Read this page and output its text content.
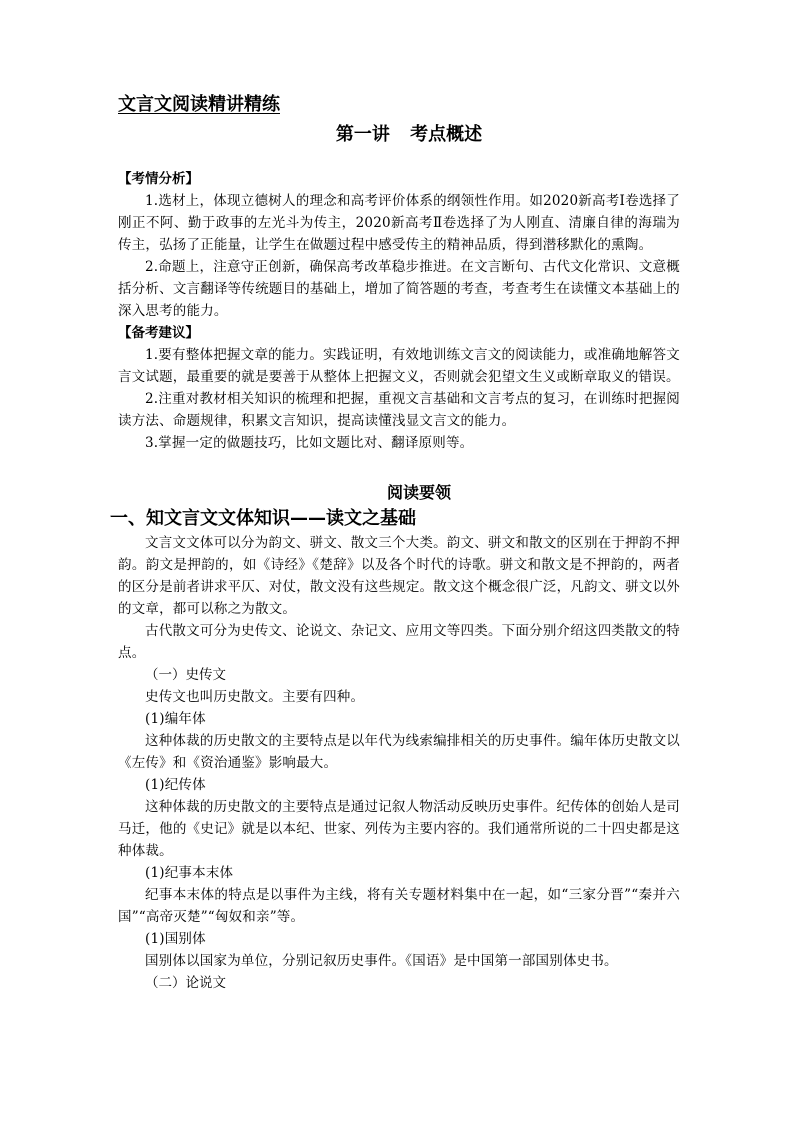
文言文阅读精讲精练
第一讲 考点概述

【考情分析】

1.选材上，体现立德树人的理念和高考评价体系的纲领性作用。如2020新高考Ⅰ卷选择了刚正不阿、勤于政事的左光斗为传主，2020新高考Ⅱ卷选择了为人刚直、清廉自律的海瑞为传主，弘扬了正能量，让学生在做题过程中感受传主的精神品质，得到潜移默化的熏陶。

2.命题上，注意守正创新，确保高考改革稳步推进。在文言断句、古代文化常识、文意概括分析、文言翻译等传统题目的基础上，增加了简答题的考查，考查考生在读懂文本基础上的深入思考的能力。

【备考建议】

1.要有整体把握文章的能力。实践证明，有效地训练文言文的阅读能力，或准确地解答文言文试题，最重要的就是要善于从整体上把握文义，否则就会犯望文生义或断章取义的错误。

2.注重对教材相关知识的梳理和把握，重视文言基础和文言考点的复习，在训练时把握阅读方法、命题规律，积累文言知识，提高读懂浅显文言文的能力。

3.掌握一定的做题技巧，比如文题比对、翻译原则等。

阅读要领
一、知文言文文体知识——读文之基础

文言文文体可以分为韵文、骈文、散文三个大类。韵文、骈文和散文的区别在于押韵不押韵。韵文是押韵的，如《诗经》《楚辞》以及各个时代的诗歌。骈文和散文是不押韵的，两者的区分是前者讲求平仄、对仗，散文没有这些规定。散文这个概念很广泛，凡韵文、骈文以外的文章，都可以称之为散文。

古代散文可分为史传文、论说文、杂记文、应用文等四类。下面分别介绍这四类散文的特点。

（一）史传文

史传文也叫历史散文。主要有四种。

(1)编年体

这种体裁的历史散文的主要特点是以年代为线索编排相关的历史事件。编年体历史散文以《左传》和《资治通鉴》影响最大。

(1)纪传体

这种体裁的历史散文的主要特点是通过记叙人物活动反映历史事件。纪传体的创始人是司马迁，他的《史记》就是以本纪、世家、列传为主要内容的。我们通常所说的二十四史都是这种体裁。

(1)纪事本末体

纪事本末体的特点是以事件为主线，将有关专题材料集中在一起，如“三家分晋”“秦并六国”“高帝灭楚”“匈奴和亲”等。

(1)国别体

国别体以国家为单位，分别记叙历史事件。《国语》是中国第一部国别体史书。

（二）论说文
